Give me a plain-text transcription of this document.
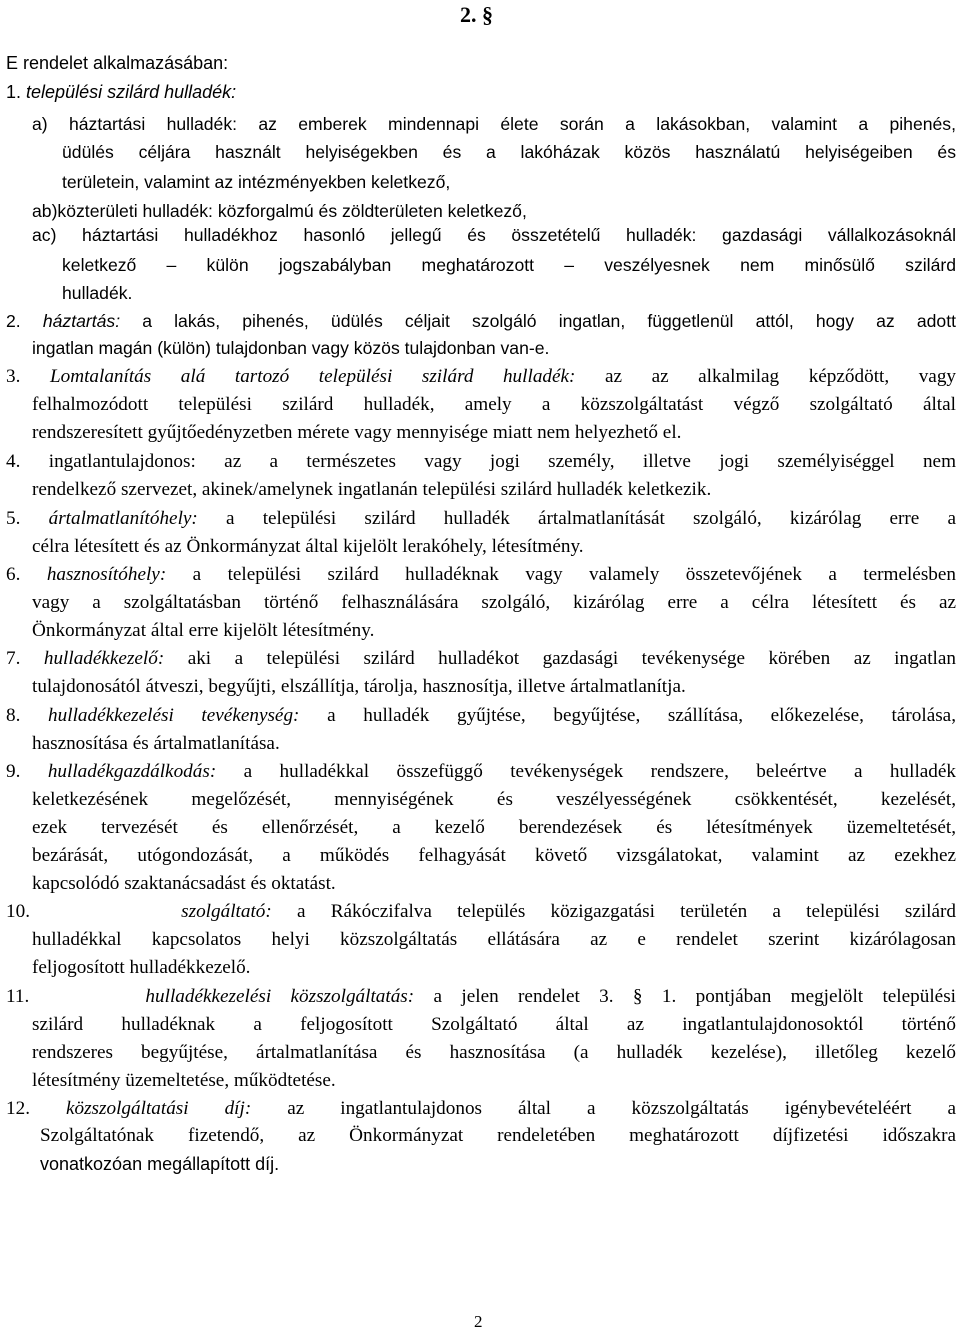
2. §
E rendelet alkalmazásában:
1. települési szilárd hulladék:
a) háztartási hulladék: az emberek mindennapi élete során a lakásokban, valamint a pihenés,
üdülés céljára használt helyiségekben és a lakóházak közös használatú helyiségeiben és
területein, valamint az intézményekben keletkező,
ab)közterületi hulladék: közforgalmú és zöldterületen keletkező,
ac) háztartási hulladékhoz hasonló jellegű és összetételű hulladék: gazdasági vállalkozásoknál
keletkező – külön jogszabályban meghatározott – veszélyesnek nem minősülő szilárd
hulladék.
2. háztartás: a lakás, pihenés, üdülés céljait szolgáló ingatlan, függetlenül attól, hogy az adott
ingatlan magán (külön) tulajdonban vagy közös tulajdonban van-e.
3. Lomtalanítás alá tartozó települési szilárd hulladék: az az alkalmilag képződött, vagy
felhalmozódott települési szilárd hulladék, amely a közszolgáltatást végző szolgáltató által
rendszeresített gyűjtőedényzetben mérete vagy mennyisége miatt nem helyezhető el.
4. ingatlantulajdonos: az a természetes vagy jogi személy, illetve jogi személyiséggel nem
rendelkező szervezet, akinek/amelynek ingatlanán települési szilárd hulladék keletkezik.
5. ártalmatlanítóhely: a települési szilárd hulladék ártalmatlanítását szolgáló, kizárólag erre a
célra létesített és az Önkormányzat által kijelölt lerakóhely, létesítmény.
6. hasznosítóhely: a települési szilárd hulladéknak vagy valamely összetevőjének a termelésben
vagy a szolgáltatásban történő felhasználására szolgáló, kizárólag erre a célra létesített és az
Önkormányzat által erre kijelölt létesítmény.
7. hulladékkezelő: aki a települési szilárd hulladékot gazdasági tevékenysége körében az ingatlan
tulajdonosától átveszi, begyűjti, elszállítja, tárolja, hasznosítja, illetve ártalmatlanítja.
8. hulladékkezelési tevékenység: a hulladék gyűjtése, begyűjtése, szállítása, előkezelése, tárolása,
hasznosítása és ártalmatlanítása.
9. hulladékgazdálkodás: a hulladékkal összefüggő tevékenységek rendszere, beleértve a hulladék
keletkezésének megelőzését, mennyiségének és veszélyességének csökkentését, kezelését,
ezek tervezését és ellenőrzését, a kezelő berendezések és létesítmények üzemeltetését,
bezárását, utógondozását, a működés felhagyását követő vizsgálatokat, valamint az ezekhez
kapcsolódó szaktanácsadást és oktatást.
10.	szolgáltató: a Rákóczifalva település közigazgatási területén a települési szilárd
hulladékkal kapcsolatos helyi közszolgáltatás ellátására az e rendelet szerint kizárólagosan
feljogosított hulladékkezelő.
11.	hulladékkezelési közszolgáltatás: a jelen rendelet 3. § 1. pontjában megjelölt települési
szilárd hulladéknak a feljogosított Szolgáltató által az ingatlantulajdonosoktól történő
rendszeres begyűjtése, ártalmatlanítása és hasznosítása (a hulladék kezelése), illetőleg kezelő
létesítmény üzemeltetése, működtetése.
12. közszolgáltatási díj: az ingatlantulajdonos által a közszolgáltatás igénybevételéért a
Szolgáltatónak fizetendő, az Önkormányzat rendeletében meghatározott díjfizetési időszakra
vonatkozóan megállapított díj.
2
